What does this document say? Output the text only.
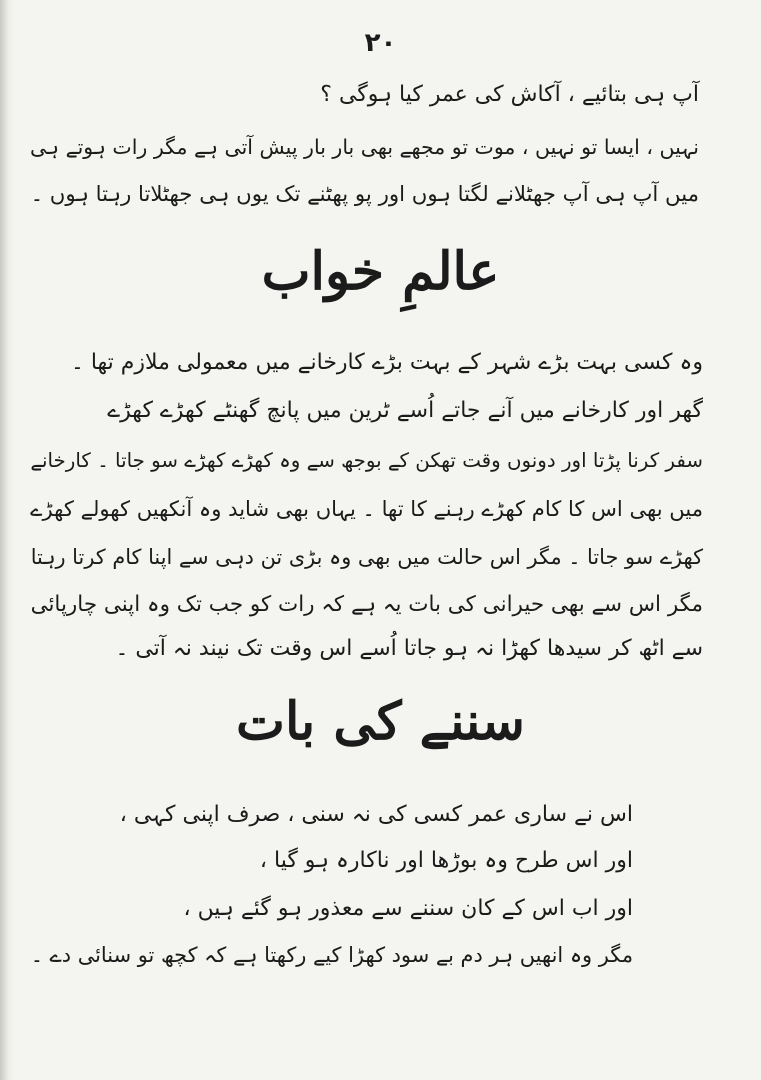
۲۰
آپ ہی بتائیے ، آکاش کی عمر کیا ہوگی ؟
نہیں ، ایسا تو نہیں ، موت تو مجھے بھی بار بار پیش آتی ہے مگر رات ہوتے ہی
میں آپ ہی آپ جھٹلانے لگتا ہوں اور پو پھٹنے تک یوں ہی جھٹلاتا رہتا ہوں ۔
عالمِ خواب
وہ کسی بہت بڑے شہر کے بہت بڑے کارخانے میں معمولی ملازم تھا ۔
گھر اور کارخانے میں آنے جاتے اُسے ٹرین میں پانچ گھنٹے کھڑے کھڑے
سفر کرنا پڑتا اور دونوں وقت تھکن کے بوجھ سے وہ کھڑے کھڑے سو جاتا ۔ کارخانے
میں بھی اس کا کام کھڑے رہنے کا تھا ۔ یہاں بھی شاید وہ آنکھیں کھولے کھڑے
کھڑے سو جاتا ۔ مگر اس حالت میں بھی وہ بڑی تن دہی سے اپنا کام کرتا رہتا
مگر اس سے بھی حیرانی کی بات یہ ہے کہ رات کو جب تک وہ اپنی چارپائی
سے اٹھ کر سیدھا کھڑا نہ ہو جاتا اُسے اس وقت تک نیند نہ آتی ۔
سننے کی بات
اس نے ساری عمر کسی کی نہ سنی ، صرف اپنی کہی ،
اور اس طرح وہ بوڑھا اور ناکارہ ہو گیا ،
اور اب اس کے کان سننے سے معذور ہو گئے ہیں ،
مگر وہ انھیں ہر دم بے سود کھڑا کیے رکھتا ہے کہ کچھ تو سنائی دے ۔
